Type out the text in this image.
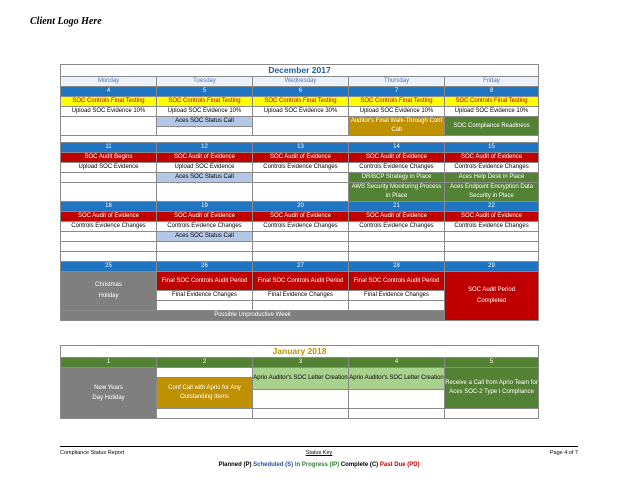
Client Logo Here
December 2017				
Monday	Tuesday	Wednesday	Thursday	Friday
4	5	6	7	8
SOC Controls Final Testing	SOC Controls Final Testing	SOC Controls Final Testing	SOC Controls Final Testing	SOC Controls Final Testing
Upload SOC Evidence 10%	Upload SOC Evidence 10%	Upload SOC Evidence 30%	Upload SOC Evidence 10%	Upload SOC Evidence 10%
	Aces SOC Status Call		Auditor's Final Walk-Through Conf Call	SOC Compliance Readiness

11	12	13	14	15
SOC Audit Begins	SOC Audit of Evidence	SOC Audit of Evidence	SOC Audit of Evidence	SOC Audit of Evidence
Upload SOC Evidence	Upload SOC Evidence	Controls Evidence Changes	Controls Evidence Changes	Controls Evidence Changes
	Aces SOC Status Call		DR/BCP Strategy in Place	Aces Help Desk in Place
			AWS Security Monitoring Process in Place	Aces Endpoint Encryption Data Security in Place
18	19	20	21	22
SOC Audit of Evidence	SOC Audit of Evidence	SOC Audit of Evidence	SOC Audit of Evidence	SOC Audit of Evidence
Controls Evidence Changes	Controls Evidence Changes	Controls Evidence Changes	Controls Evidence Changes	Controls Evidence Changes
	Aces SOC Status Call			

25	26	27	28	29
Christmas Holiday	Final SOC Controls Audit Period	Final SOC Controls Audit Period	Final SOC Controls Audit Period	SOC Audit Period Completed

	Final Evidence Changes	Final Evidence Changes	Final Evidence Changes	

Possible Unproductive Week				
January 2018				
1	2	3	4	5
New Years Day Holiday		Aprio Auditor's SOC Letter Creation	Aprio Auditor's SOC Letter Creation	Receive a Call from Aprio Team for Aces SOC-2 Type I Compliance
	Conf Call with Aprio for Any Outstanding Items			

Compliance Status Report	Status Key	Page 4 of 7
Planned (P) Scheduled (S) In Progress (IP) Complete (C) Past Due (PD)
